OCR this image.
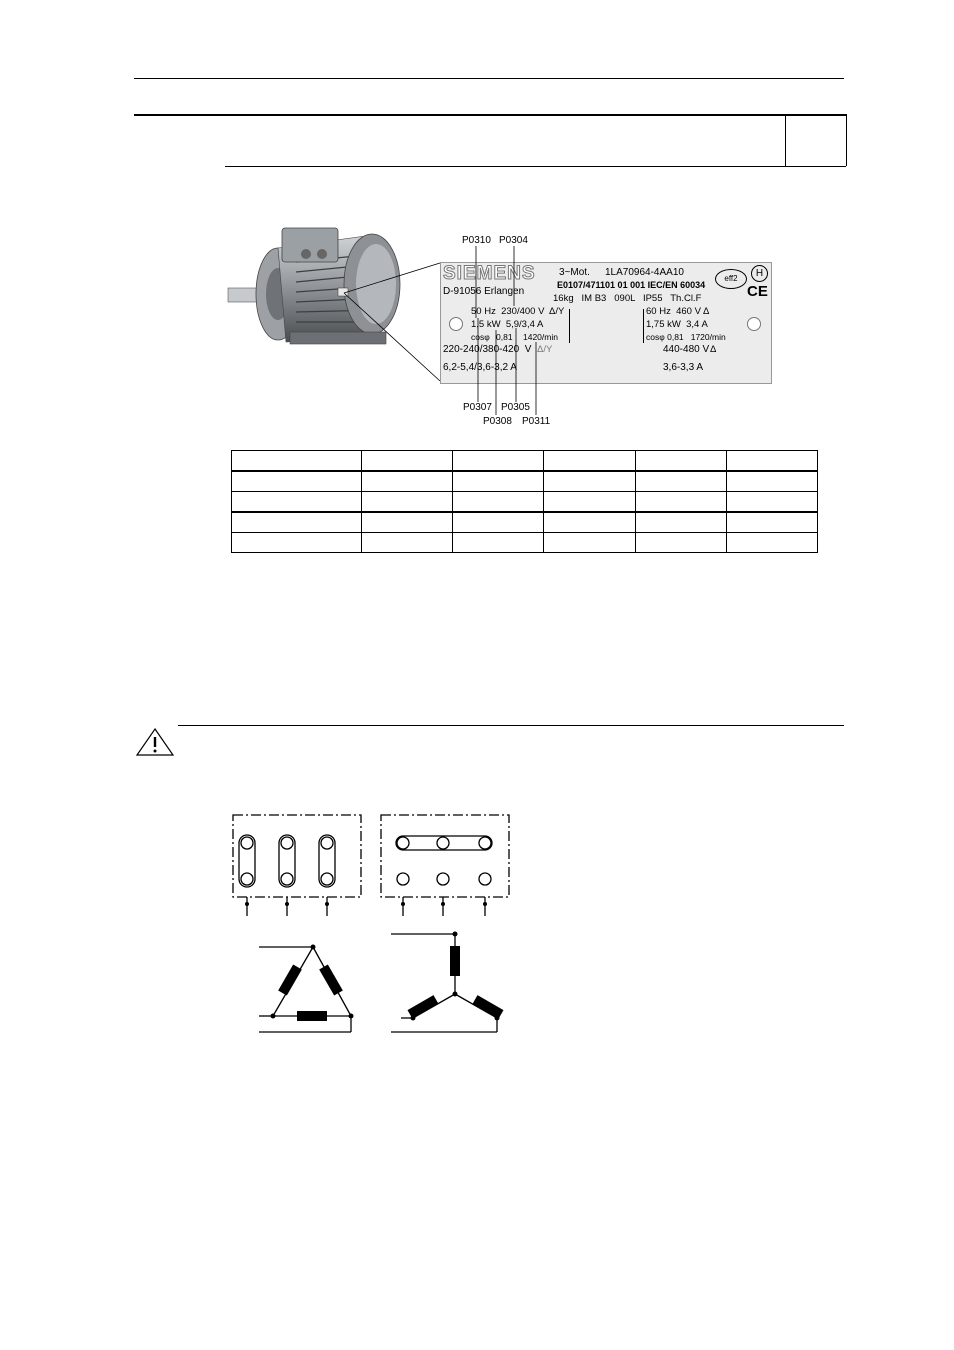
SIEMENS
D-91056 Erlangen
3~Mot. 1LA70964-4AA10
E0107/471101 01 001 IEC/EN 60034
16kg   IM B3   090L   IP55   Th.Cl.F
eff2	H
CE
50 Hz  230/400 V Δ/Y
1,5 kW  5,9/3,4 A
cosφ 0,81 1420/min
220-240/380-420  V Δ/Y
6,2-5,4/3,6-3,2 A
60 Hz  460 V Δ
1,75 kW  3,4 A
cosφ 0,81   1720/min
440-480 V Δ
3,6-3,3 A
P0310 P0304
P0307
P0308
P0305
P0311
